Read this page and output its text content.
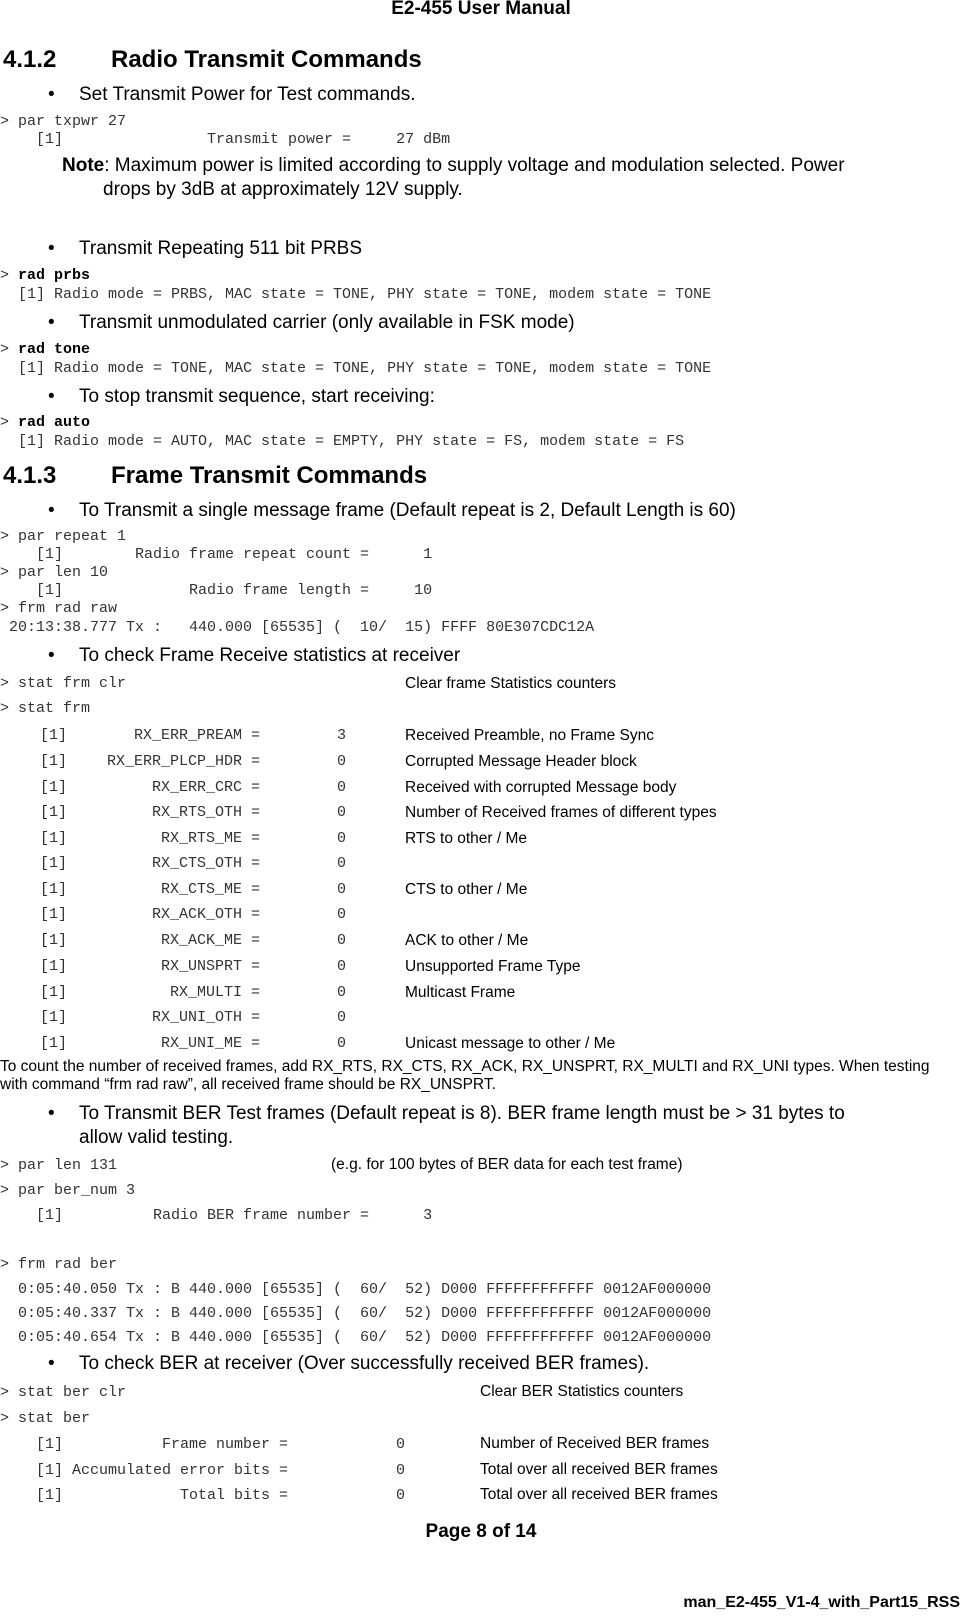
E2-455 User Manual
4.1.2 Radio Transmit Commands
• Set Transmit Power for Test commands.
> par txpwr 27
[1]                Transmit power =     27 dBm
Note: Maximum power is limited according to supply voltage and modulation selected. Power
drops by 3dB at approximately 12V supply.
• Transmit Repeating 511 bit PRBS
> rad prbs
[1] Radio mode = PRBS, MAC state = TONE, PHY state = TONE, modem state = TONE
• Transmit unmodulated carrier (only available in FSK mode)
> rad tone
[1] Radio mode = TONE, MAC state = TONE, PHY state = TONE, modem state = TONE
• To stop transmit sequence, start receiving:
> rad auto
[1] Radio mode = AUTO, MAC state = EMPTY, PHY state = FS, modem state = FS
4.1.3 Frame Transmit Commands
• To Transmit a single message frame (Default repeat is 2, Default Length is 60)
> par repeat 1
[1]        Radio frame repeat count =      1
> par len 10
[1]              Radio frame length =     10
> frm rad raw
20:13:38.777 Tx :   440.000 [65535] (  10/  15) FFFF 80E307CDC12A
• To check Frame Receive statistics at receiver
> stat frm clr	Clear frame Statistics counters
> stat frm
[1]	RX_ERR_PREAM =	3	Received Preamble, no Frame Sync
[1]	RX_ERR_PLCP_HDR =	0	Corrupted Message Header block
[1]	RX_ERR_CRC =	0	Received with corrupted Message body
[1]	RX_RTS_OTH =	0	Number of Received frames of different types
[1]	RX_RTS_ME =	0	RTS to other / Me
[1]	RX_CTS_OTH =	0
[1]	RX_CTS_ME =	0	CTS to other / Me
[1]	RX_ACK_OTH =	0
[1]	RX_ACK_ME =	0	ACK to other / Me
[1]	RX_UNSPRT =	0	Unsupported Frame Type
[1]	RX_MULTI =	0	Multicast Frame
[1]	RX_UNI_OTH =	0
[1]	RX_UNI_ME =	0	Unicast message to other / Me
To count the number of received frames, add RX_RTS, RX_CTS, RX_ACK, RX_UNSPRT, RX_MULTI and RX_UNI types. When testing with command “frm rad raw”, all received frame should be RX_UNSPRT.
• To Transmit BER Test frames (Default repeat is 8). BER frame length must be > 31 bytes to
allow valid testing.
> par len 131	(e.g. for 100 bytes of BER data for each test frame)
> par ber_num 3
[1]          Radio BER frame number =      3
> frm rad ber
0:05:40.050 Tx : B 440.000 [65535] (  60/  52) D000 FFFFFFFFFFFF 0012AF000000
0:05:40.337 Tx : B 440.000 [65535] (  60/  52) D000 FFFFFFFFFFFF 0012AF000000
0:05:40.654 Tx : B 440.000 [65535] (  60/  52) D000 FFFFFFFFFFFF 0012AF000000
• To check BER at receiver (Over successfully received BER frames).
> stat ber clr	Clear BER Statistics counters
> stat ber
[1]           Frame number =	0	Number of Received BER frames
[1] Accumulated error bits =	0	Total over all received BER frames
[1]             Total bits =	0	Total over all received BER frames
Page 8 of 14
man_E2-455_V1-4_with_Part15_RSS
